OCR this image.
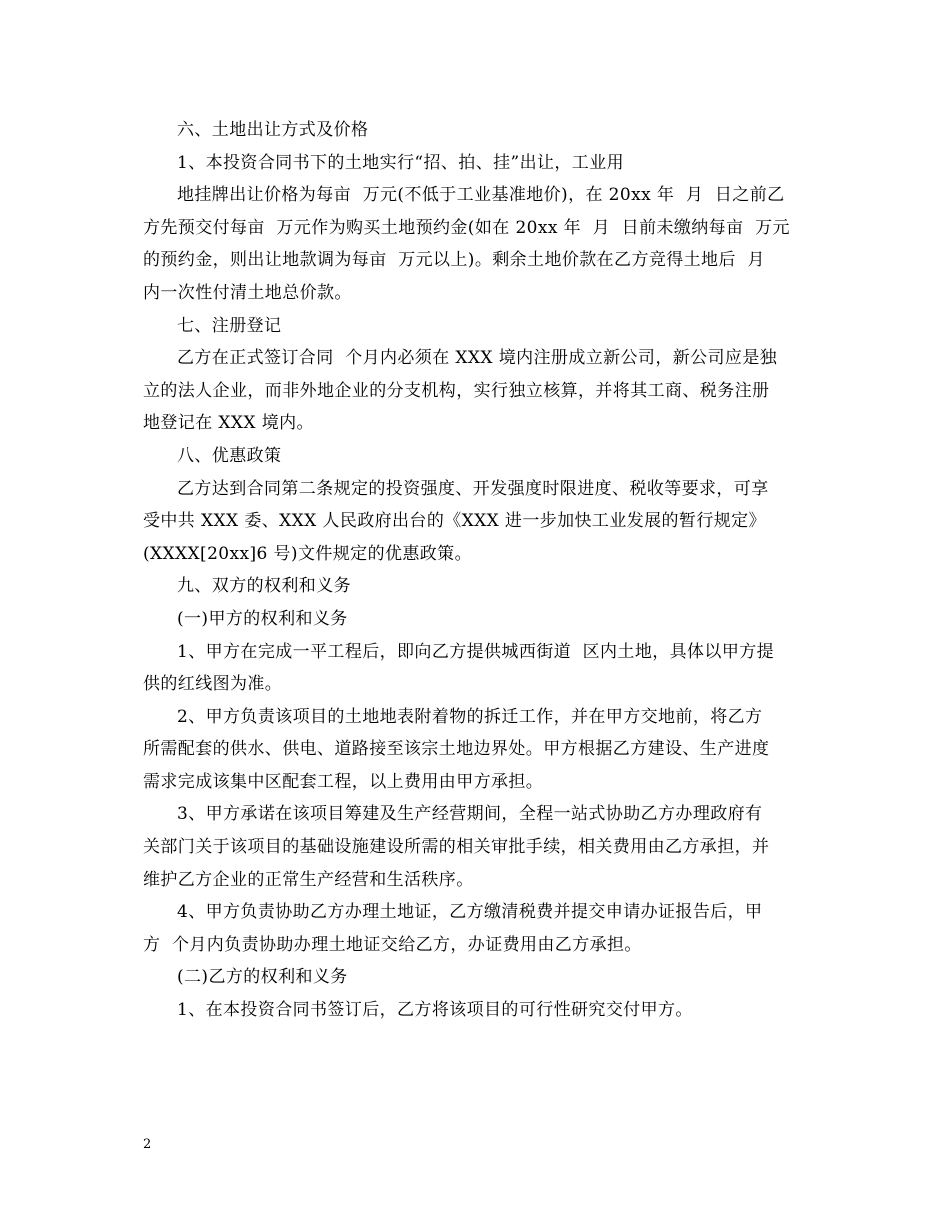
六、土地出让方式及价格
1、本投资合同书下的土地实行“招、拍、挂”出让，工业用
地挂牌出让价格为每亩  万元(不低于工业基准地价)，在 20xx 年  月  日之前乙
方先预交付每亩  万元作为购买土地预约金(如在 20xx 年  月  日前未缴纳每亩  万元
的预约金，则出让地款调为每亩  万元以上)。剩余土地价款在乙方竞得土地后  月
内一次性付清土地总价款。
七、注册登记
乙方在正式签订合同  个月内必须在 XXX 境内注册成立新公司，新公司应是独
立的法人企业，而非外地企业的分支机构，实行独立核算，并将其工商、税务注册
地登记在 XXX 境内。
八、优惠政策
乙方达到合同第二条规定的投资强度、开发强度时限进度、税收等要求，可享
受中共 XXX 委、XXX 人民政府出台的《XXX 进一步加快工业发展的暂行规定》
(XXXX[20xx]6 号)文件规定的优惠政策。
九、双方的权利和义务
(一)甲方的权利和义务
1、甲方在完成一平工程后，即向乙方提供城西街道  区内土地，具体以甲方提
供的红线图为准。
2、甲方负责该项目的土地地表附着物的拆迁工作，并在甲方交地前，将乙方
所需配套的供水、供电、道路接至该宗土地边界处。甲方根据乙方建设、生产进度
需求完成该集中区配套工程，以上费用由甲方承担。
3、甲方承诺在该项目筹建及生产经营期间，全程一站式协助乙方办理政府有
关部门关于该项目的基础设施建设所需的相关审批手续，相关费用由乙方承担，并
维护乙方企业的正常生产经营和生活秩序。
4、甲方负责协助乙方办理土地证，乙方缴清税费并提交申请办证报告后，甲
方  个月内负责协助办理土地证交给乙方，办证费用由乙方承担。
(二)乙方的权利和义务
1、在本投资合同书签订后，乙方将该项目的可行性研究交付甲方。
2
